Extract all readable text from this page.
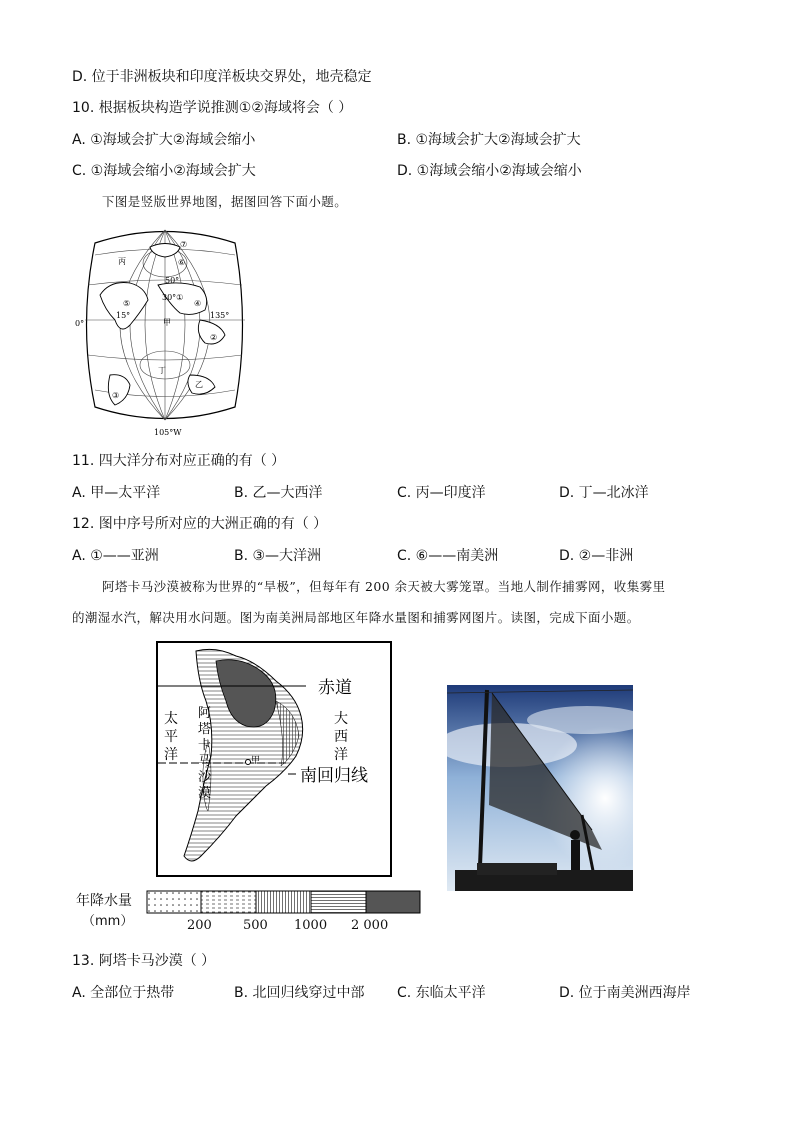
D. 位于非洲板块和印度洋板块交界处，地壳稳定
10. 根据板块构造学说推测①②海域将会（ ）
A. ①海域会扩大②海域会缩小	B. ①海域会扩大②海域会扩大
C. ①海域会缩小②海域会扩大	D. ①海域会缩小②海域会缩小
下图是竖版世界地图，据图回答下面小题。
⑦
丙	⑥
50°
30°①
⑤	④
15°	135°
甲
0°
②
丁
乙
③
105°W
11. 四大洋分布对应正确的有（ ）
A. 甲—太平洋	B. 乙—大西洋	C. 丙—印度洋	D. 丁—北冰洋
12. 图中序号所对应的大洲正确的有（ ）
A. ①——亚洲	B. ③—大洋洲	C. ⑥——南美洲	D. ②—非洲
阿塔卡马沙漠被称为世界的“旱极”，但每年有 200 余天被大雾笼罩。当地人制作捕雾网，收集雾里
的潮湿水汽，解决用水问题。图为南美洲局部地区年降水量图和捕雾网图片。读图，完成下面小题。
赤道
南回归线
甲
太
平
洋
大
西
洋
阿
塔
卡
马
沙
漠
年降水量
（mm）	200 500 1000 2 000
13. 阿塔卡马沙漠（ ）
A. 全部位于热带	B. 北回归线穿过中部 C. 东临太平洋	D. 位于南美洲西海岸
